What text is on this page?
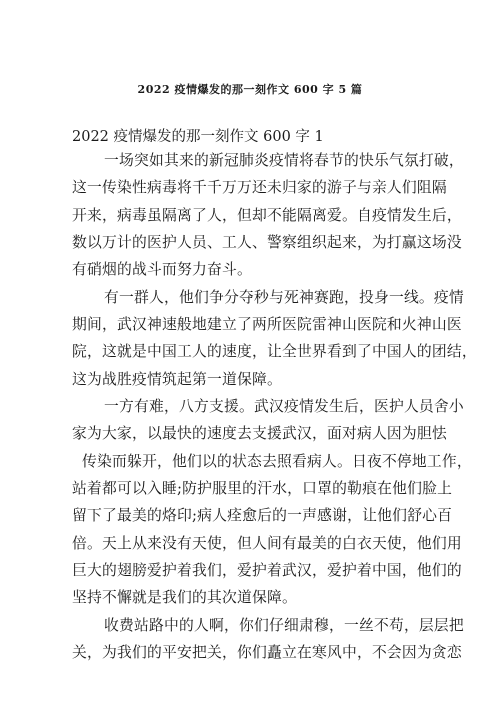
2022 疫情爆发的那一刻作文 600 字 5 篇
2022 疫情爆发的那一刻作文 600 字 1
一场突如其来的新冠肺炎疫情将春节的快乐气氛打破，
这一传染性病毒将千千万万还未归家的游子与亲人们阻隔
开来，病毒虽隔离了人，但却不能隔离爱。自疫情发生后，
数以万计的医护人员、工人、警察组织起来，为打赢这场没
有硝烟的战斗而努力奋斗。
有一群人，他们争分夺秒与死神赛跑，投身一线。疫情
期间，武汉神速般地建立了两所医院雷神山医院和火神山医
院，这就是中国工人的速度，让全世界看到了中国人的团结，
这为战胜疫情筑起第一道保障。
一方有难，八方支援。武汉疫情发生后，医护人员舍小
家为大家，以最快的速度去支援武汉，面对病人因为胆怯
传染而躲开，他们以的状态去照看病人。日夜不停地工作，
站着都可以入睡;防护服里的汗水，口罩的勒痕在他们脸上
留下了最美的烙印;病人痊愈后的一声感谢，让他们舒心百
倍。天上从来没有天使，但人间有最美的白衣天使，他们用
巨大的翅膀爱护着我们，爱护着武汉，爱护着中国，他们的
坚持不懈就是我们的其次道保障。
收费站路中的人啊，你们仔细肃穆，一丝不苟，层层把
关，为我们的平安把关，你们矗立在寒风中，不会因为贪恋
